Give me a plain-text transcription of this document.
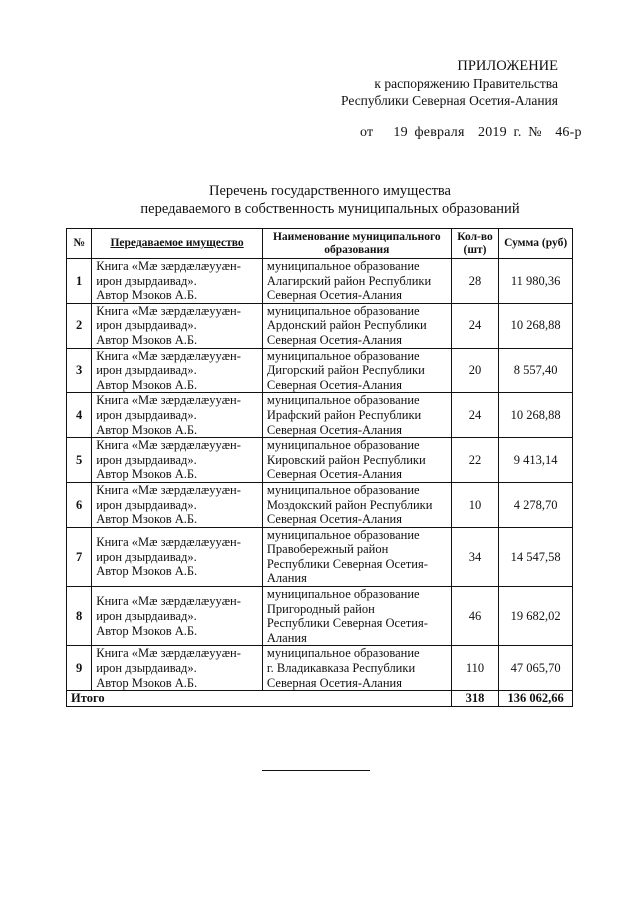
ПРИЛОЖЕНИЕ
к распоряжению Правительства
Республики Северная Осетия-Алания
от   19 февраля  2019 г. №  46-р
Перечень государственного имущества
передаваемого в собственность муниципальных образований
№	Передаваемое имущество	Наименование муниципального образования	Кол-во (шт)	Сумма (руб)
1	Книга «Мæ зæрдæлæууæн-
ирон дзырдаивад».
Автор Мзоков А.Б.	муниципальное образование
Алагирский район Республики
Северная Осетия-Алания	28	11 980,36
2	Книга «Мæ зæрдæлæууæн-
ирон дзырдаивад».
Автор Мзоков А.Б.	муниципальное образование
Ардонский район Республики
Северная Осетия-Алания	24	10 268,88
3	Книга «Мæ зæрдæлæууæн-
ирон дзырдаивад».
Автор Мзоков А.Б.	муниципальное образование
Дигорский район Республики
Северная Осетия-Алания	20	8 557,40
4	Книга «Мæ зæрдæлæууæн-
ирон дзырдаивад».
Автор Мзоков А.Б.	муниципальное образование
Ирафский район Республики
Северная Осетия-Алания	24	10 268,88
5	Книга «Мæ зæрдæлæууæн-
ирон дзырдаивад».
Автор Мзоков А.Б.	муниципальное образование
Кировский район Республики
Северная Осетия-Алания	22	9 413,14
6	Книга «Мæ зæрдæлæууæн-
ирон дзырдаивад».
Автор Мзоков А.Б.	муниципальное образование
Моздокский район Республики
Северная Осетия-Алания	10	4 278,70
7	Книга «Мæ зæрдæлæууæн-
ирон дзырдаивад».
Автор Мзоков А.Б.	муниципальное образование
Правобережный район
Республики Северная Осетия-
Алания	34	14 547,58
8	Книга «Мæ зæрдæлæууæн-
ирон дзырдаивад».
Автор Мзоков А.Б.	муниципальное образование
Пригородный район
Республики Северная Осетия-
Алания	46	19 682,02
9	Книга «Мæ зæрдæлæууæн-
ирон дзырдаивад».
Автор Мзоков А.Б.	муниципальное образование
г. Владикавказа Республики
Северная Осетия-Алания	110	47 065,70
Итого			318	136 062,66
